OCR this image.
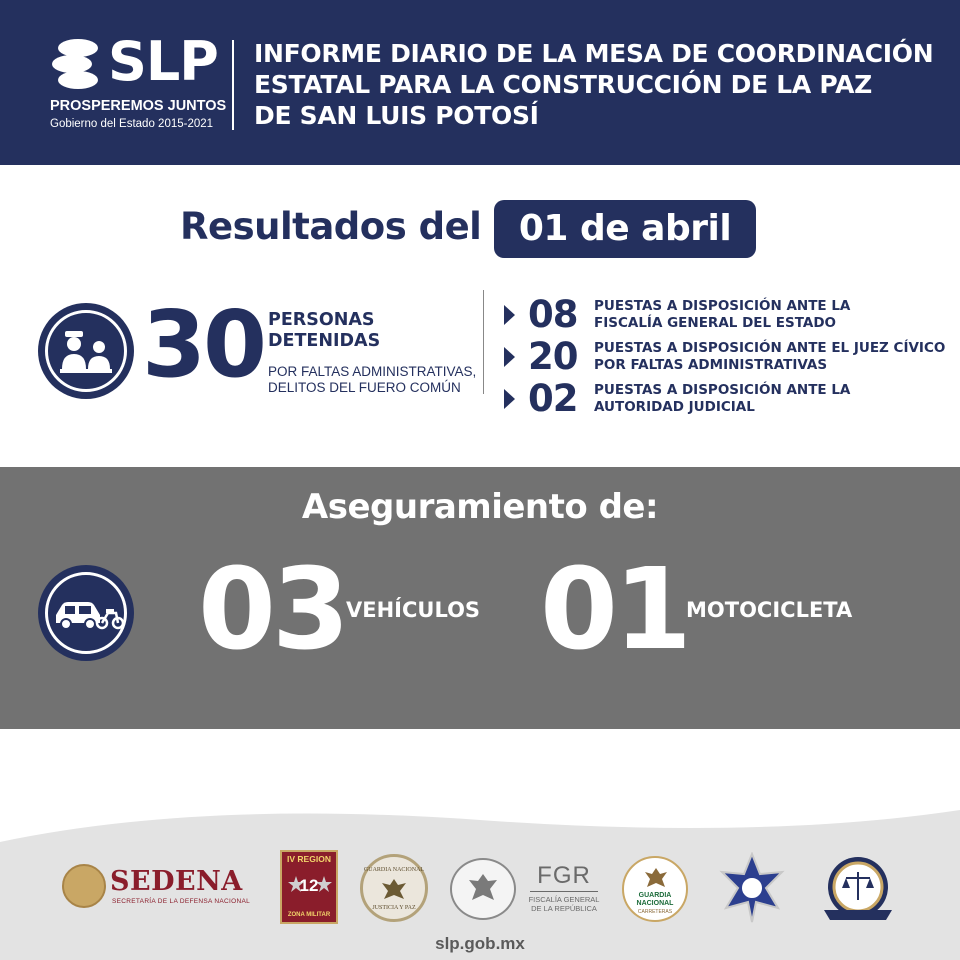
SLP
PROSPEREMOS JUNTOS
Gobierno del Estado 2015-2021
INFORME DIARIO DE LA MESA DE COORDINACIÓN
ESTATAL PARA LA CONSTRUCCIÓN DE LA PAZ
DE SAN LUIS POTOSÍ
Resultados del	01 de abril
30 PERSONAS
DETENIDAS
POR FALTAS ADMINISTRATIVAS,
DELITOS DEL FUERO COMÚN
08 PUESTAS A DISPOSICIÓN ANTE LA
FISCALÍA GENERAL DEL ESTADO
20 PUESTAS A DISPOSICIÓN ANTE EL JUEZ CÍVICO
POR FALTAS ADMINISTRATIVAS
02 PUESTAS A DISPOSICIÓN ANTE LA
AUTORIDAD JUDICIAL
Aseguramiento de:
03 VEHÍCULOS 01
MOTOCICLETA
SEDENA
SECRETARÍA DE LA DEFENSA NACIONAL
IV REGION
12
ZONA MILITAR
GUARDIA NACIONAL
JUSTICIA Y PAZ
FGR
FISCALÍA GENERAL
DE LA REPÚBLICA
GUARDIA
NACIONAL
CARRETERAS
slp.gob.mx
